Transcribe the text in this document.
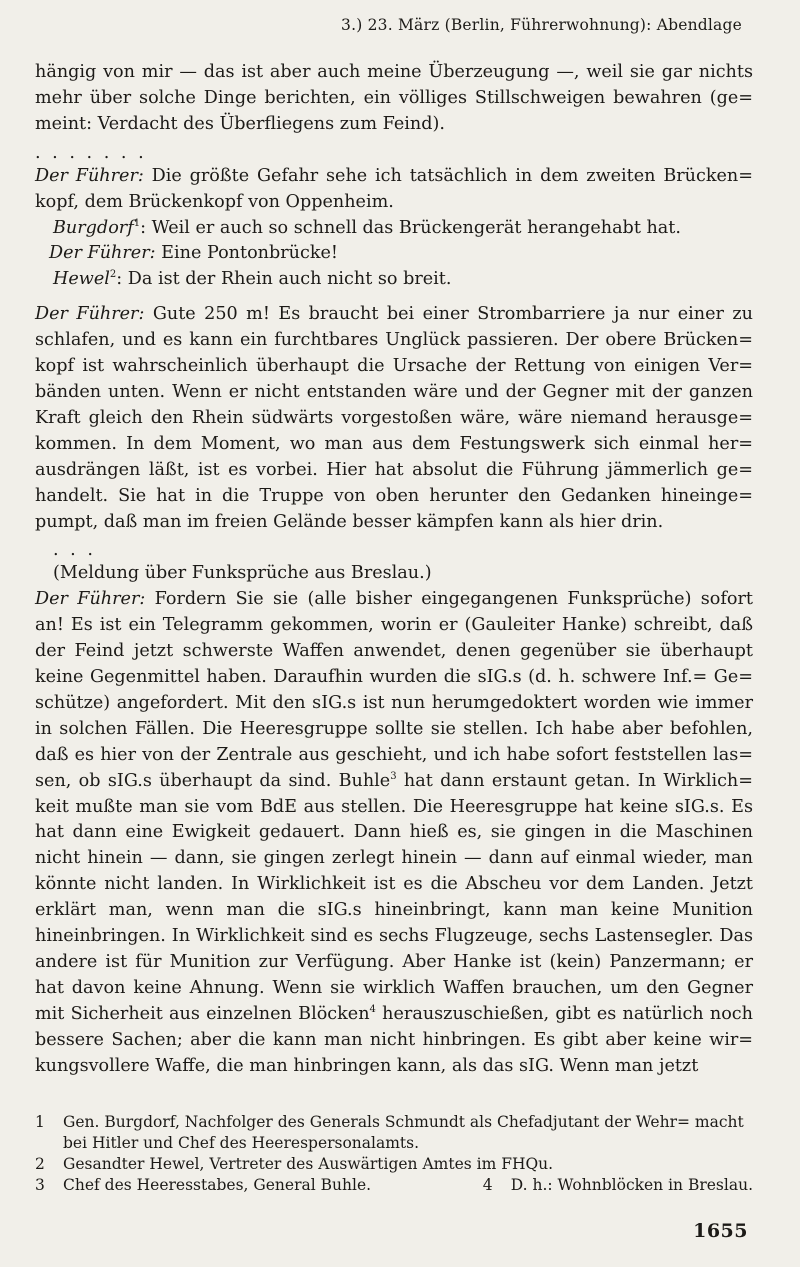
3.) 23. März (Berlin, Führerwohnung): Abendlage

hängig von mir — das ist aber auch meine Überzeugung —, weil sie gar nichts mehr über solche Dinge berichten, ein völliges Stillschweigen bewahren (ge= meint: Verdacht des Überfliegens zum Feind).

. . . . . . .

Der Führer: Die größte Gefahr sehe ich tatsächlich in dem zweiten Brücken= kopf, dem Brückenkopf von Oppenheim.

Burgdorf$^1$: Weil er auch so schnell das Brückengerät herangehabt hat.

Der Führer: Eine Pontonbrücke!

Hewel$^2$: Da ist der Rhein auch nicht so breit.

Der Führer: Gute 250 m! Es braucht bei einer Strombarriere ja nur einer zu schlafen, und es kann ein furchtbares Unglück passieren. Der obere Brücken= kopf ist wahrscheinlich überhaupt die Ursache der Rettung von einigen Ver= bänden unten. Wenn er nicht entstanden wäre und der Gegner mit der ganzen Kraft gleich den Rhein südwärts vorgestoßen wäre, wäre niemand herausge= kommen. In dem Moment, wo man aus dem Festungswerk sich einmal her= ausdrängen läßt, ist es vorbei. Hier hat absolut die Führung jämmerlich ge= handelt. Sie hat in die Truppe von oben herunter den Gedanken hineinge= pumpt, daß man im freien Gelände besser kämpfen kann als hier drin.

. . .

(Meldung über Funksprüche aus Breslau.)

Der Führer: Fordern Sie sie (alle bisher eingegangenen Funksprüche) sofort an! Es ist ein Telegramm gekommen, worin er (Gauleiter Hanke) schreibt, daß der Feind jetzt schwerste Waffen anwendet, denen gegenüber sie überhaupt keine Gegenmittel haben. Daraufhin wurden die sIG.s (d. h. schwere Inf.= Ge= schütze) angefordert. Mit den sIG.s ist nun herumgedoktert worden wie immer in solchen Fällen. Die Heeresgruppe sollte sie stellen. Ich habe aber befohlen, daß es hier von der Zentrale aus geschieht, und ich habe sofort feststellen las= sen, ob sIG.s überhaupt da sind. Buhle$^3$ hat dann erstaunt getan. In Wirklich= keit mußte man sie vom BdE aus stellen. Die Heeresgruppe hat keine sIG.s. Es hat dann eine Ewigkeit gedauert. Dann hieß es, sie gingen in die Maschinen nicht hinein — dann, sie gingen zerlegt hinein — dann auf einmal wieder, man könnte nicht landen. In Wirklichkeit ist es die Abscheu vor dem Landen. Jetzt erklärt man, wenn man die sIG.s hineinbringt, kann man keine Munition hineinbringen. In Wirklichkeit sind es sechs Flugzeuge, sechs Lastensegler. Das andere ist für Munition zur Verfügung. Aber Hanke ist (kein) Panzermann; er hat davon keine Ahnung. Wenn sie wirklich Waffen brauchen, um den Gegner mit Sicherheit aus einzelnen Blöcken$^4$ herauszuschießen, gibt es natürlich noch bessere Sachen; aber die kann man nicht hinbringen. Es gibt aber keine wir= kungsvollere Waffe, die man hinbringen kann, als das sIG. Wenn man jetzt

1	Gen. Burgdorf, Nachfolger des Generals Schmundt als Chefadjutant der Wehr= macht bei Hitler und Chef des Heerespersonalamts.
2	Gesandter Hewel, Vertreter des Auswärtigen Amtes im FHQu.
3	Chef des Heeresstabes, General Buhle.	4	D. h.: Wohnblöcken in Breslau.
1655
